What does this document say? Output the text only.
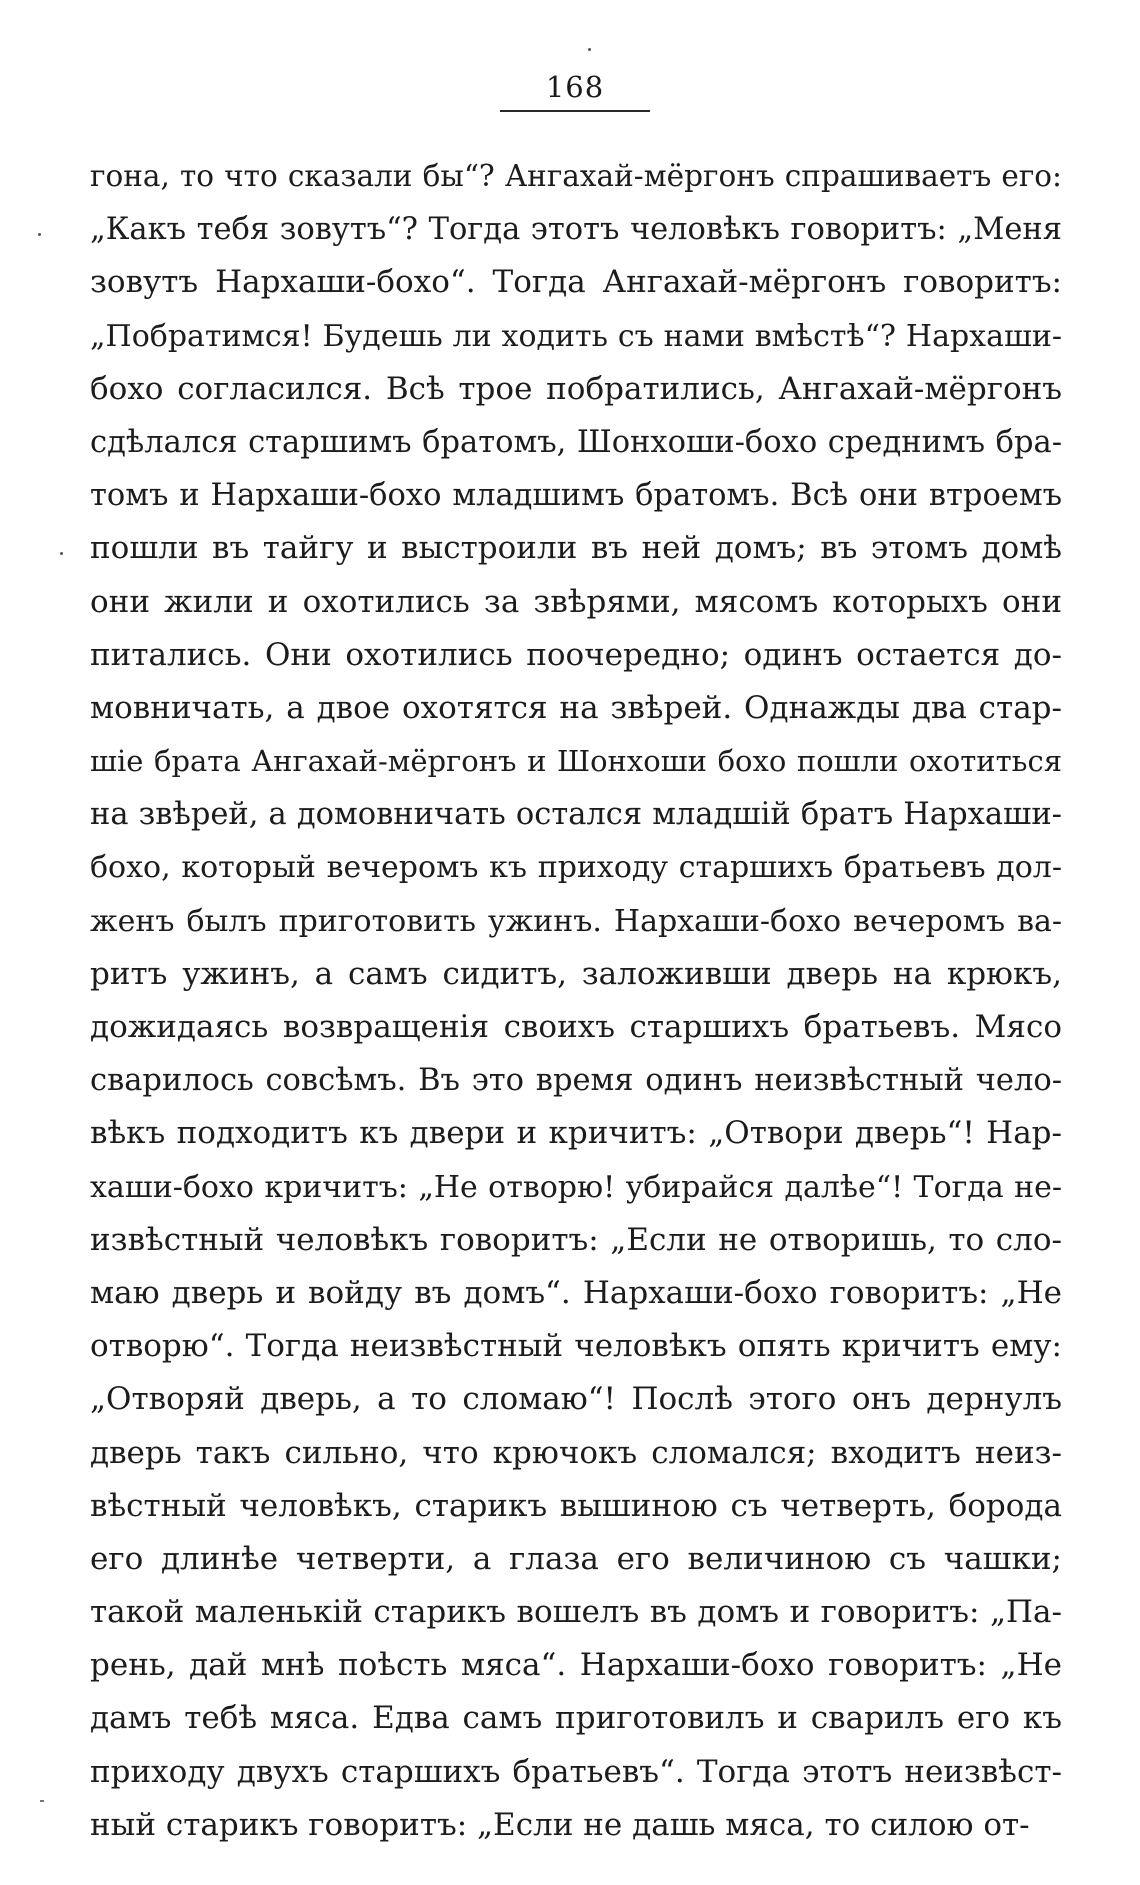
168
гона, то что сказали бы“? Ангахай-мёргонъ спрашиваетъ его:
„Какъ тебя зовутъ“? Тогда этотъ человѣкъ говоритъ: „Меня
зовутъ Нархаши-бохо“. Тогда Ангахай-мёргонъ говоритъ:
„Побратимся! Будешь ли ходить съ нами вмѣстѣ“? Нархаши-
бохо согласился. Всѣ трое побратились, Ангахай-мёргонъ
сдѣлался старшимъ братомъ, Шонхоши-бохо среднимъ бра-
томъ и Нархаши-бохо младшимъ братомъ. Всѣ они втроемъ
пошли въ тайгу и выстроили въ ней домъ; въ этомъ домѣ
они жили и охотились за звѣрями, мясомъ которыхъ они
питались. Они охотились поочередно; одинъ остается до-
мовничать, а двое охотятся на звѣрей. Однажды два стар-
шіе брата Ангахай-мёргонъ и Шонхоши бохо пошли охотиться
на звѣрей, а домовничать остался младшій братъ Нархаши-
бохо, который вечеромъ къ приходу старшихъ братьевъ дол-
женъ былъ приготовить ужинъ. Нархаши-бохо вечеромъ ва-
ритъ ужинъ, а самъ сидитъ, заложивши дверь на крюкъ,
дожидаясь возвращенія своихъ старшихъ братьевъ. Мясо
сварилось совсѣмъ. Въ это время одинъ неизвѣстный чело-
вѣкъ подходитъ къ двери и кричитъ: „Отвори дверь“! Нар-
хаши-бохо кричитъ: „Не отворю! убирайся далѣе“! Тогда не-
извѣстный человѣкъ говоритъ: „Если не отворишь, то сло-
маю дверь и войду въ домъ“. Нархаши-бохо говоритъ: „Не
отворю“. Тогда неизвѣстный человѣкъ опять кричитъ ему:
„Отворяй дверь, а то сломаю“! Послѣ этого онъ дернулъ
дверь такъ сильно, что крючокъ сломался; входитъ неиз-
вѣстный человѣкъ, старикъ вышиною съ четверть, борода
его длинѣе четверти, а глаза его величиною съ чашки;
такой маленькій старикъ вошелъ въ домъ и говоритъ: „Па-
рень, дай мнѣ поѣсть мяса“. Нархаши-бохо говоритъ: „Не
дамъ тебѣ мяса. Едва самъ приготовилъ и сварилъ его къ
приходу двухъ старшихъ братьевъ“. Тогда этотъ неизвѣст-
ный старикъ говоритъ: „Если не дашь мяса, то силою от-
